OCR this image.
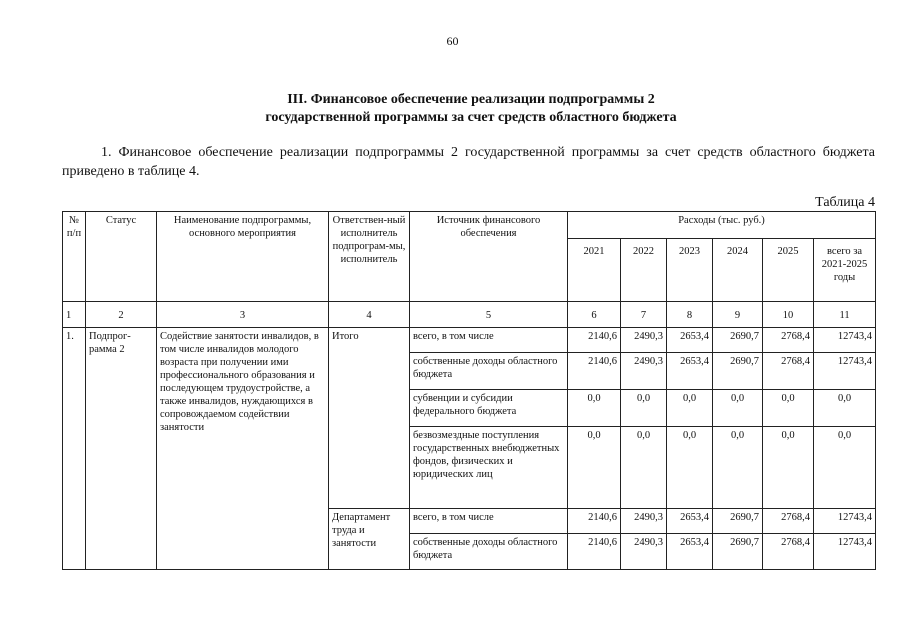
60
III. Финансовое обеспечение реализации подпрограммы 2
государственной программы за счет средств областного бюджета
1. Финансовое обеспечение реализации подпрограммы 2 государственной программы за счет средств областного бюджета приведено в таблице 4.
Таблица 4
№ п/п	Статус	Наименование подпрограммы, основного мероприятия	Ответствен-ный исполнитель подпрограм-мы, исполнитель	Источник финансового обеспечения	Расходы (тыс. руб.)					
					2021	2022	2023	2024	2025	всего за 2021-2025 годы
1	2	3	4	5	6	7	8	9	10	11
1.	Подпрог-рамма 2	Содействие занятости инвалидов, в том числе инвалидов молодого возраста при получении ими профессионального образования и последующем трудоустройстве, а также инвалидов, нуждающихся в сопровождаемом содействии занятости	Итого	всего, в том числе	2140,6	2490,3	2653,4	2690,7	2768,4	12743,4
				собственные доходы областного бюджета	2140,6	2490,3	2653,4	2690,7	2768,4	12743,4
				субвенции и субсидии федерального бюджета	0,0	0,0	0,0	0,0	0,0	0,0
				безвозмездные поступления государственных внебюджетных фондов, физических и юридических лиц	0,0	0,0	0,0	0,0	0,0	0,0
			Департамент труда и занятости	всего, в том числе	2140,6	2490,3	2653,4	2690,7	2768,4	12743,4
				собственные доходы областного бюджета	2140,6	2490,3	2653,4	2690,7	2768,4	12743,4
